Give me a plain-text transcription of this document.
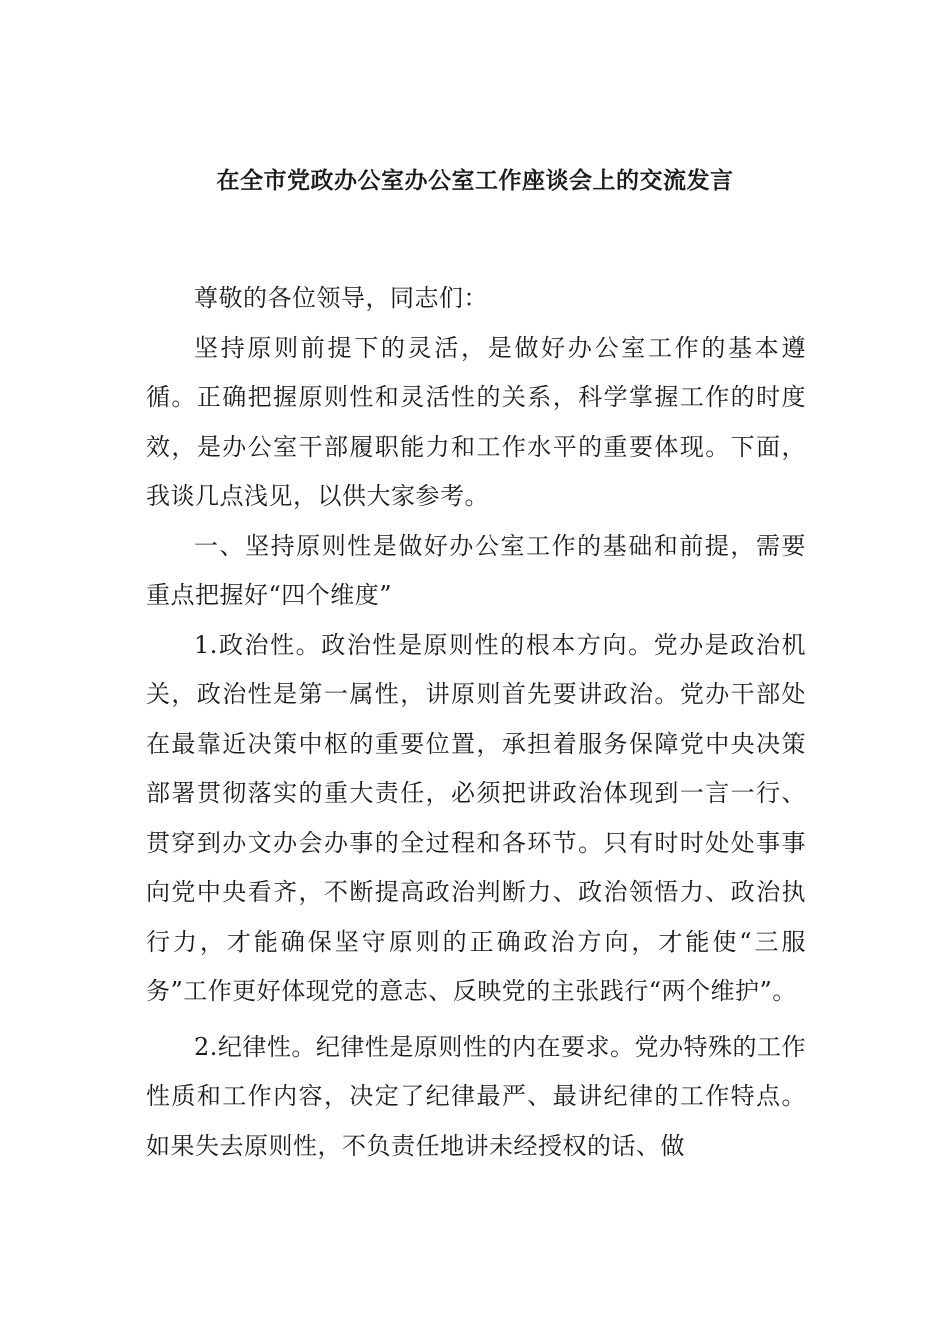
在全市党政办公室办公室工作座谈会上的交流发言

尊敬的各位领导，同志们：

坚持原则前提下的灵活，是做好办公室工作的基本遵循。正确把握原则性和灵活性的关系，科学掌握工作的时度效，是办公室干部履职能力和工作水平的重要体现。下面，我谈几点浅见，以供大家参考。

一、坚持原则性是做好办公室工作的基础和前提，需要重点把握好“四个维度”

1.政治性。政治性是原则性的根本方向。党办是政治机关，政治性是第一属性，讲原则首先要讲政治。党办干部处在最靠近决策中枢的重要位置，承担着服务保障党中央决策部署贯彻落实的重大责任，必须把讲政治体现到一言一行、贯穿到办文办会办事的全过程和各环节。只有时时处处事事向党中央看齐，不断提高政治判断力、政治领悟力、政治执行力，才能确保坚守原则的正确政治方向，才能使“三服务”工作更好体现党的意志、反映党的主张践行“两个维护”。

2.纪律性。纪律性是原则性的内在要求。党办特殊的工作性质和工作内容，决定了纪律最严、最讲纪律的工作特点。如果失去原则性，不负责任地讲未经授权的话、做
